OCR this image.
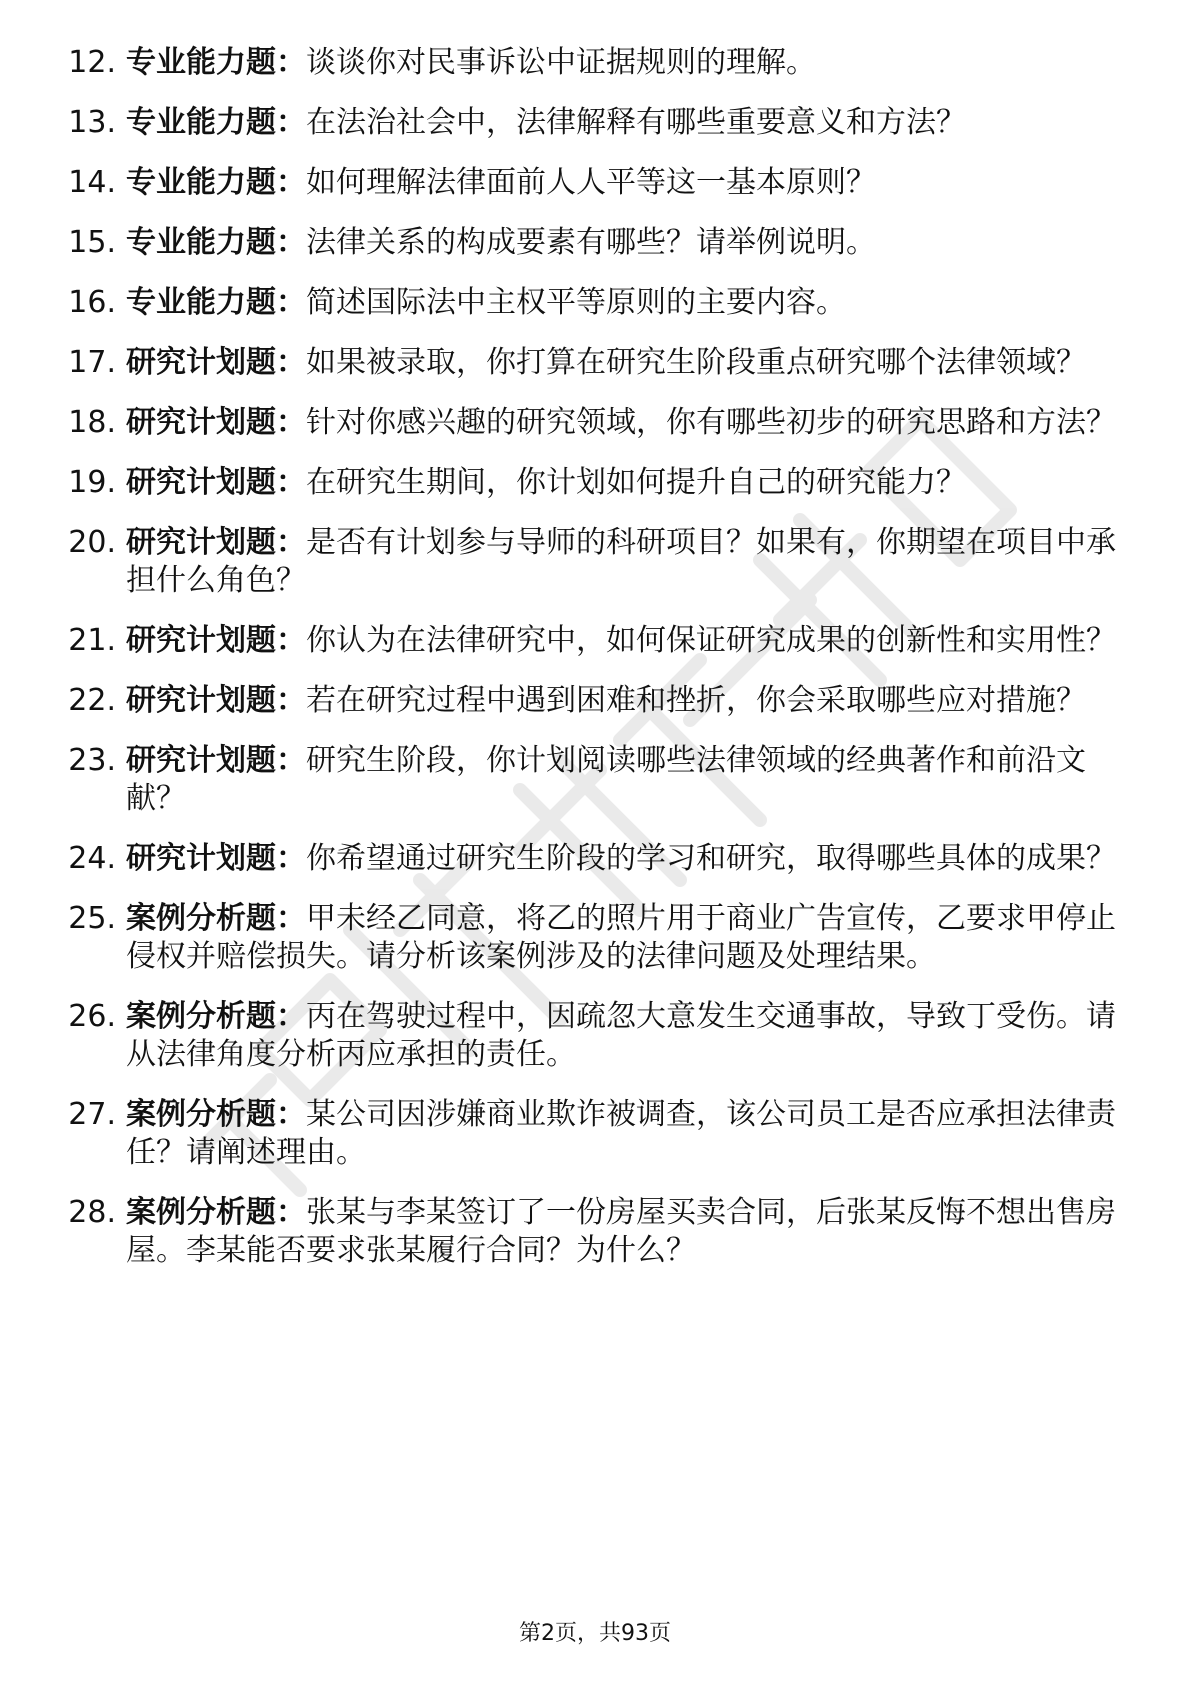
12. 专业能力题：谈谈你对民事诉讼中证据规则的理解。
13. 专业能力题：在法治社会中，法律解释有哪些重要意义和方法？
14. 专业能力题：如何理解法律面前人人平等这一基本原则？
15. 专业能力题：法律关系的构成要素有哪些？请举例说明。
16. 专业能力题：简述国际法中主权平等原则的主要内容。
17. 研究计划题：如果被录取，你打算在研究生阶段重点研究哪个法律领域？
18. 研究计划题：针对你感兴趣的研究领域，你有哪些初步的研究思路和方法？
19. 研究计划题：在研究生期间，你计划如何提升自己的研究能力？
20. 研究计划题：是否有计划参与导师的科研项目？如果有，你期望在项目中承担什么角色？
21. 研究计划题：你认为在法律研究中，如何保证研究成果的创新性和实用性？
22. 研究计划题：若在研究过程中遇到困难和挫折，你会采取哪些应对措施？
23. 研究计划题：研究生阶段，你计划阅读哪些法律领域的经典著作和前沿文献？
24. 研究计划题：你希望通过研究生阶段的学习和研究，取得哪些具体的成果？
25. 案例分析题：甲未经乙同意，将乙的照片用于商业广告宣传，乙要求甲停止侵权并赔偿损失。请分析该案例涉及的法律问题及处理结果。
26. 案例分析题：丙在驾驶过程中，因疏忽大意发生交通事故，导致丁受伤。请从法律角度分析丙应承担的责任。
27. 案例分析题：某公司因涉嫌商业欺诈被调查，该公司员工是否应承担法律责任？请阐述理由。
28. 案例分析题：张某与李某签订了一份房屋买卖合同，后张某反悔不想出售房屋。李某能否要求张某履行合同？为什么？
第2页，共93页
